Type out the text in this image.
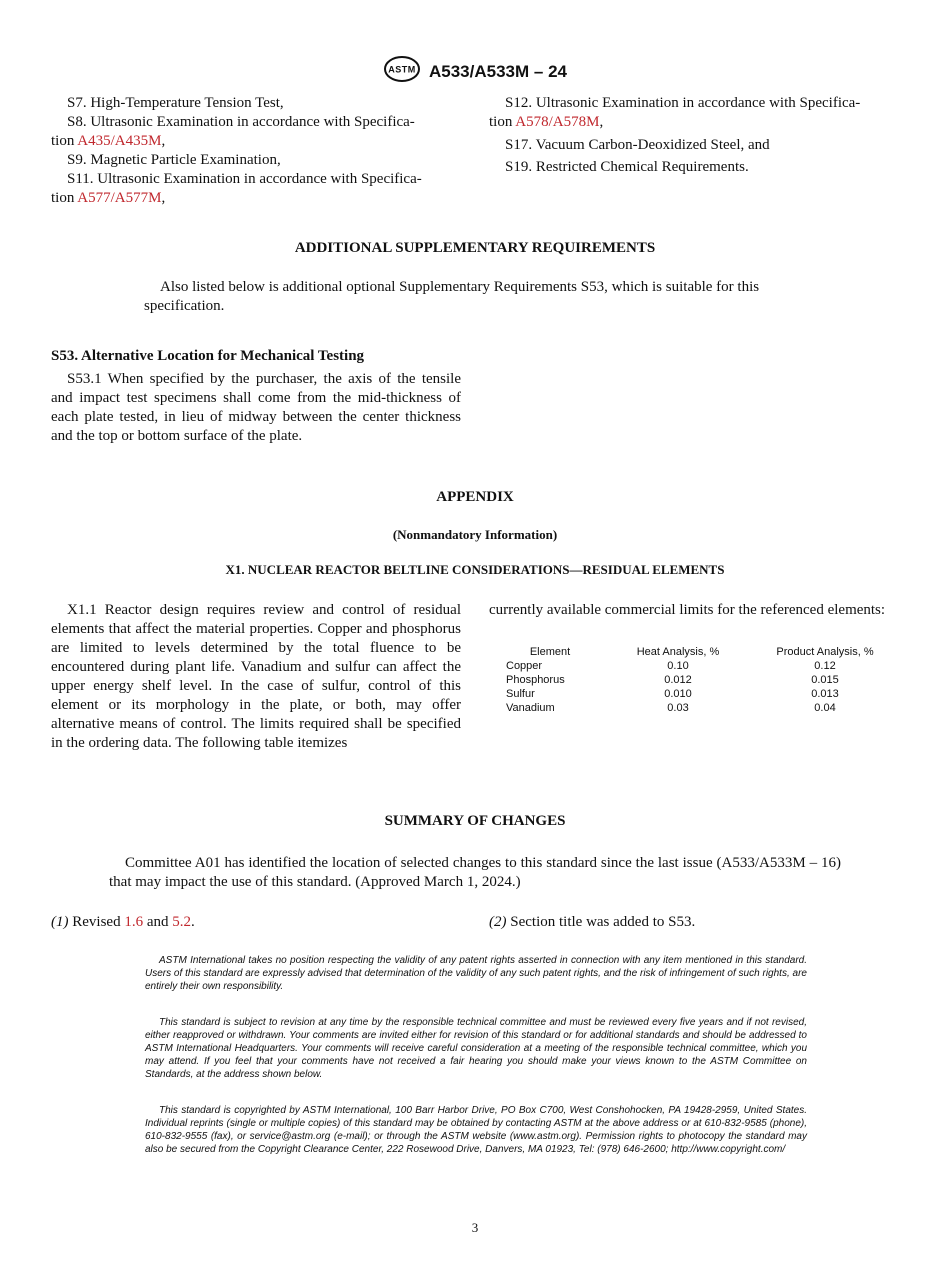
ASTM A533/A533M – 24

S7. High-Temperature Tension Test,

S8. Ultrasonic Examination in accordance with Specifica-

tion A435/A435M,

S9. Magnetic Particle Examination,

S11. Ultrasonic Examination in accordance with Specifica-

tion A577/A577M,

S12. Ultrasonic Examination in accordance with Specifica-

tion A578/A578M,

S17. Vacuum Carbon-Deoxidized Steel, and

S19. Restricted Chemical Requirements.

ADDITIONAL SUPPLEMENTARY REQUIREMENTS

Also listed below is additional optional Supplementary Requirements S53, which is suitable for this specification.

S53. Alternative Location for Mechanical Testing

S53.1 When specified by the purchaser, the axis of the tensile and impact test specimens shall come from the mid-thickness of each plate tested, in lieu of midway between the center thickness and the top or bottom surface of the plate.

APPENDIX
(Nonmandatory Information)
X1. NUCLEAR REACTOR BELTLINE CONSIDERATIONS—RESIDUAL ELEMENTS

X1.1 Reactor design requires review and control of residual elements that affect the material properties. Copper and phosphorus are limited to levels determined by the total fluence to be encountered during plant life. Vanadium and sulfur can affect the upper energy shelf level. In the case of sulfur, control of this element or its morphology in the plate, or both, may offer alternative means of control. The limits required shall be specified in the ordering data. The following table itemizes

currently available commercial limits for the referenced elements:

Element	Heat Analysis, %	Product Analysis, %
Copper	0.10	0.12
Phosphorus	0.012	0.015
Sulfur	0.010	0.013
Vanadium	0.03	0.04
SUMMARY OF CHANGES

Committee A01 has identified the location of selected changes to this standard since the last issue (A533/A533M – 16) that may impact the use of this standard. (Approved March 1, 2024.)

(1) Revised 1.6 and 5.2.	(2) Section title was added to S53.

ASTM International takes no position respecting the validity of any patent rights asserted in connection with any item mentioned in this standard. Users of this standard are expressly advised that determination of the validity of any such patent rights, and the risk of infringement of such rights, are entirely their own responsibility.

This standard is subject to revision at any time by the responsible technical committee and must be reviewed every five years and if not revised, either reapproved or withdrawn. Your comments are invited either for revision of this standard or for additional standards and should be addressed to ASTM International Headquarters. Your comments will receive careful consideration at a meeting of the responsible technical committee, which you may attend. If you feel that your comments have not received a fair hearing you should make your views known to the ASTM Committee on Standards, at the address shown below.

This standard is copyrighted by ASTM International, 100 Barr Harbor Drive, PO Box C700, West Conshohocken, PA 19428-2959, United States. Individual reprints (single or multiple copies) of this standard may be obtained by contacting ASTM at the above address or at 610-832-9585 (phone), 610-832-9555 (fax), or service@astm.org (e-mail); or through the ASTM website (www.astm.org). Permission rights to photocopy the standard may also be secured from the Copyright Clearance Center, 222 Rosewood Drive, Danvers, MA 01923, Tel: (978) 646-2600; http://www.copyright.com/

3
